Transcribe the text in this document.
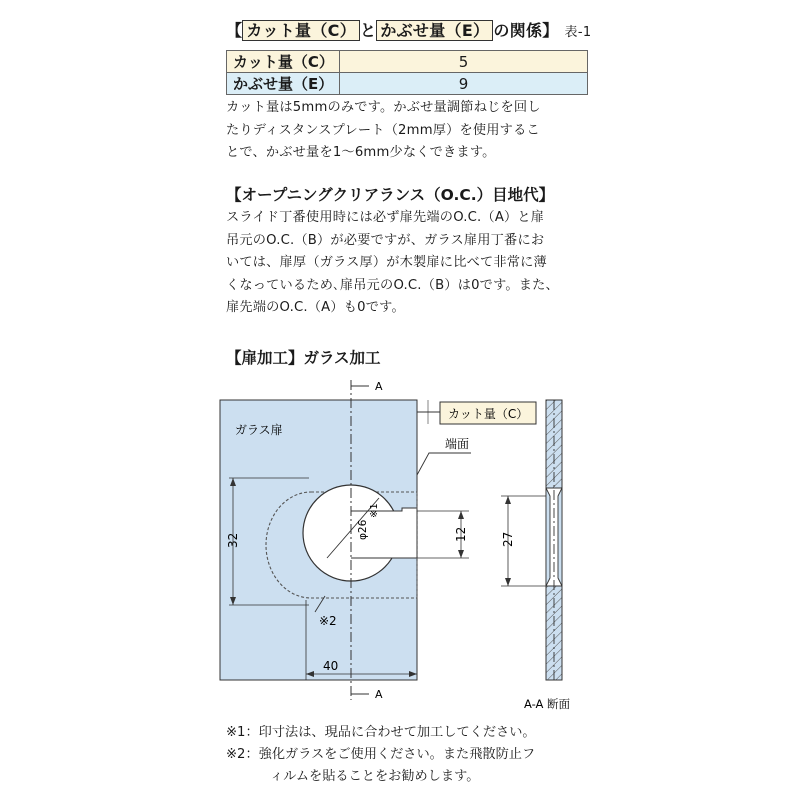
【 カット量（C） と かぶせ量（E） の関係】 表-1
カット量（C）	5
かぶせ量（E）	9
カット量は5mmのみです。かぶせ量調節ねじを回し
たりディスタンスプレート（2mm厚）を使用するこ
とで、かぶせ量を1～6mm少なくできます。
【オープニングクリアランス（O.C.）目地代】
スライド丁番使用時には必ず扉先端のO.C.（A）と扉
吊元のO.C.（B）が必要ですが、ガラス扉用丁番にお
いては、扉厚（ガラス厚）が木製扉に比べて非常に薄
くなっているため､扉吊元のO.C.（B）は0です。また、
扉先端のO.C.（A）も0です。
【扉加工】ガラス加工
A
A
φ26
※1
ガラス扉
カット量（C）
端面
32	12
※2
40
27
A-A 断面
※1：印寸法は、現品に合わせて加工してください。
※2：強化ガラスをご使用ください。また飛散防止フ
ィルムを貼ることをお勧めします。
